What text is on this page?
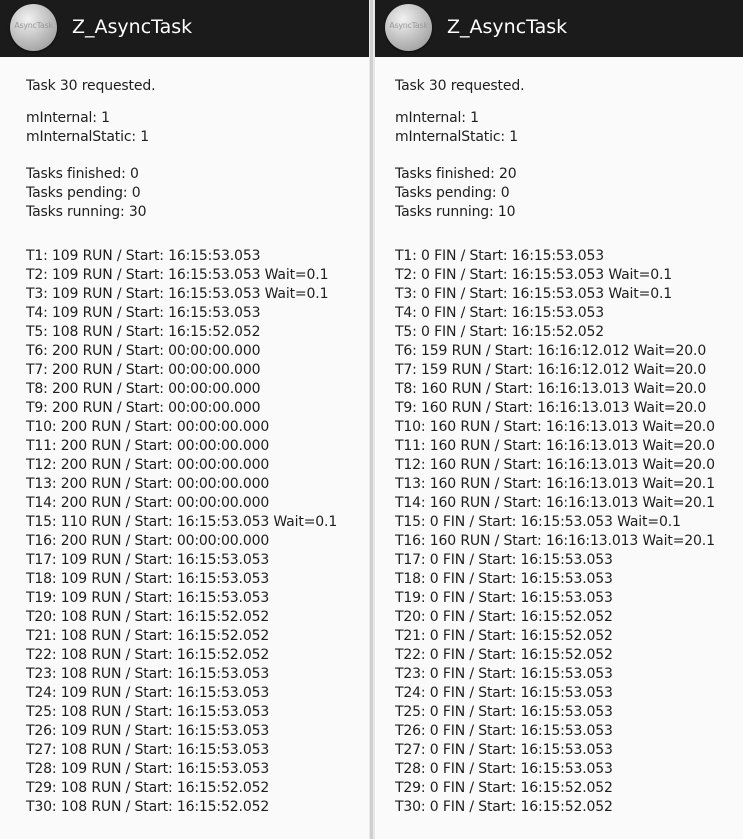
AsyncTask Z_AsyncTask
Task 30 requested.
mInternal: 1
mInternalStatic: 1
Tasks finished: 0
Tasks pending: 0
Tasks running: 30
T1: 109 RUN / Start: 16:15:53.053
T2: 109 RUN / Start: 16:15:53.053 Wait=0.1
T3: 109 RUN / Start: 16:15:53.053 Wait=0.1
T4: 109 RUN / Start: 16:15:53.053
T5: 108 RUN / Start: 16:15:52.052
T6: 200 RUN / Start: 00:00:00.000
T7: 200 RUN / Start: 00:00:00.000
T8: 200 RUN / Start: 00:00:00.000
T9: 200 RUN / Start: 00:00:00.000
T10: 200 RUN / Start: 00:00:00.000
T11: 200 RUN / Start: 00:00:00.000
T12: 200 RUN / Start: 00:00:00.000
T13: 200 RUN / Start: 00:00:00.000
T14: 200 RUN / Start: 00:00:00.000
T15: 110 RUN / Start: 16:15:53.053 Wait=0.1
T16: 200 RUN / Start: 00:00:00.000
T17: 109 RUN / Start: 16:15:53.053
T18: 109 RUN / Start: 16:15:53.053
T19: 109 RUN / Start: 16:15:53.053
T20: 108 RUN / Start: 16:15:52.052
T21: 108 RUN / Start: 16:15:52.052
T22: 108 RUN / Start: 16:15:52.052
T23: 108 RUN / Start: 16:15:53.053
T24: 109 RUN / Start: 16:15:53.053
T25: 108 RUN / Start: 16:15:53.053
T26: 109 RUN / Start: 16:15:53.053
T27: 108 RUN / Start: 16:15:53.053
T28: 109 RUN / Start: 16:15:53.053
T29: 108 RUN / Start: 16:15:52.052
T30: 108 RUN / Start: 16:15:52.052
AsyncTask Z_AsyncTask
Task 30 requested.
mInternal: 1
mInternalStatic: 1
Tasks finished: 20
Tasks pending: 0
Tasks running: 10
T1: 0 FIN / Start: 16:15:53.053
T2: 0 FIN / Start: 16:15:53.053 Wait=0.1
T3: 0 FIN / Start: 16:15:53.053 Wait=0.1
T4: 0 FIN / Start: 16:15:53.053
T5: 0 FIN / Start: 16:15:52.052
T6: 159 RUN / Start: 16:16:12.012 Wait=20.0
T7: 159 RUN / Start: 16:16:12.012 Wait=20.0
T8: 160 RUN / Start: 16:16:13.013 Wait=20.0
T9: 160 RUN / Start: 16:16:13.013 Wait=20.0
T10: 160 RUN / Start: 16:16:13.013 Wait=20.0
T11: 160 RUN / Start: 16:16:13.013 Wait=20.0
T12: 160 RUN / Start: 16:16:13.013 Wait=20.0
T13: 160 RUN / Start: 16:16:13.013 Wait=20.1
T14: 160 RUN / Start: 16:16:13.013 Wait=20.1
T15: 0 FIN / Start: 16:15:53.053 Wait=0.1
T16: 160 RUN / Start: 16:16:13.013 Wait=20.1
T17: 0 FIN / Start: 16:15:53.053
T18: 0 FIN / Start: 16:15:53.053
T19: 0 FIN / Start: 16:15:53.053
T20: 0 FIN / Start: 16:15:52.052
T21: 0 FIN / Start: 16:15:52.052
T22: 0 FIN / Start: 16:15:52.052
T23: 0 FIN / Start: 16:15:53.053
T24: 0 FIN / Start: 16:15:53.053
T25: 0 FIN / Start: 16:15:53.053
T26: 0 FIN / Start: 16:15:53.053
T27: 0 FIN / Start: 16:15:53.053
T28: 0 FIN / Start: 16:15:53.053
T29: 0 FIN / Start: 16:15:52.052
T30: 0 FIN / Start: 16:15:52.052
